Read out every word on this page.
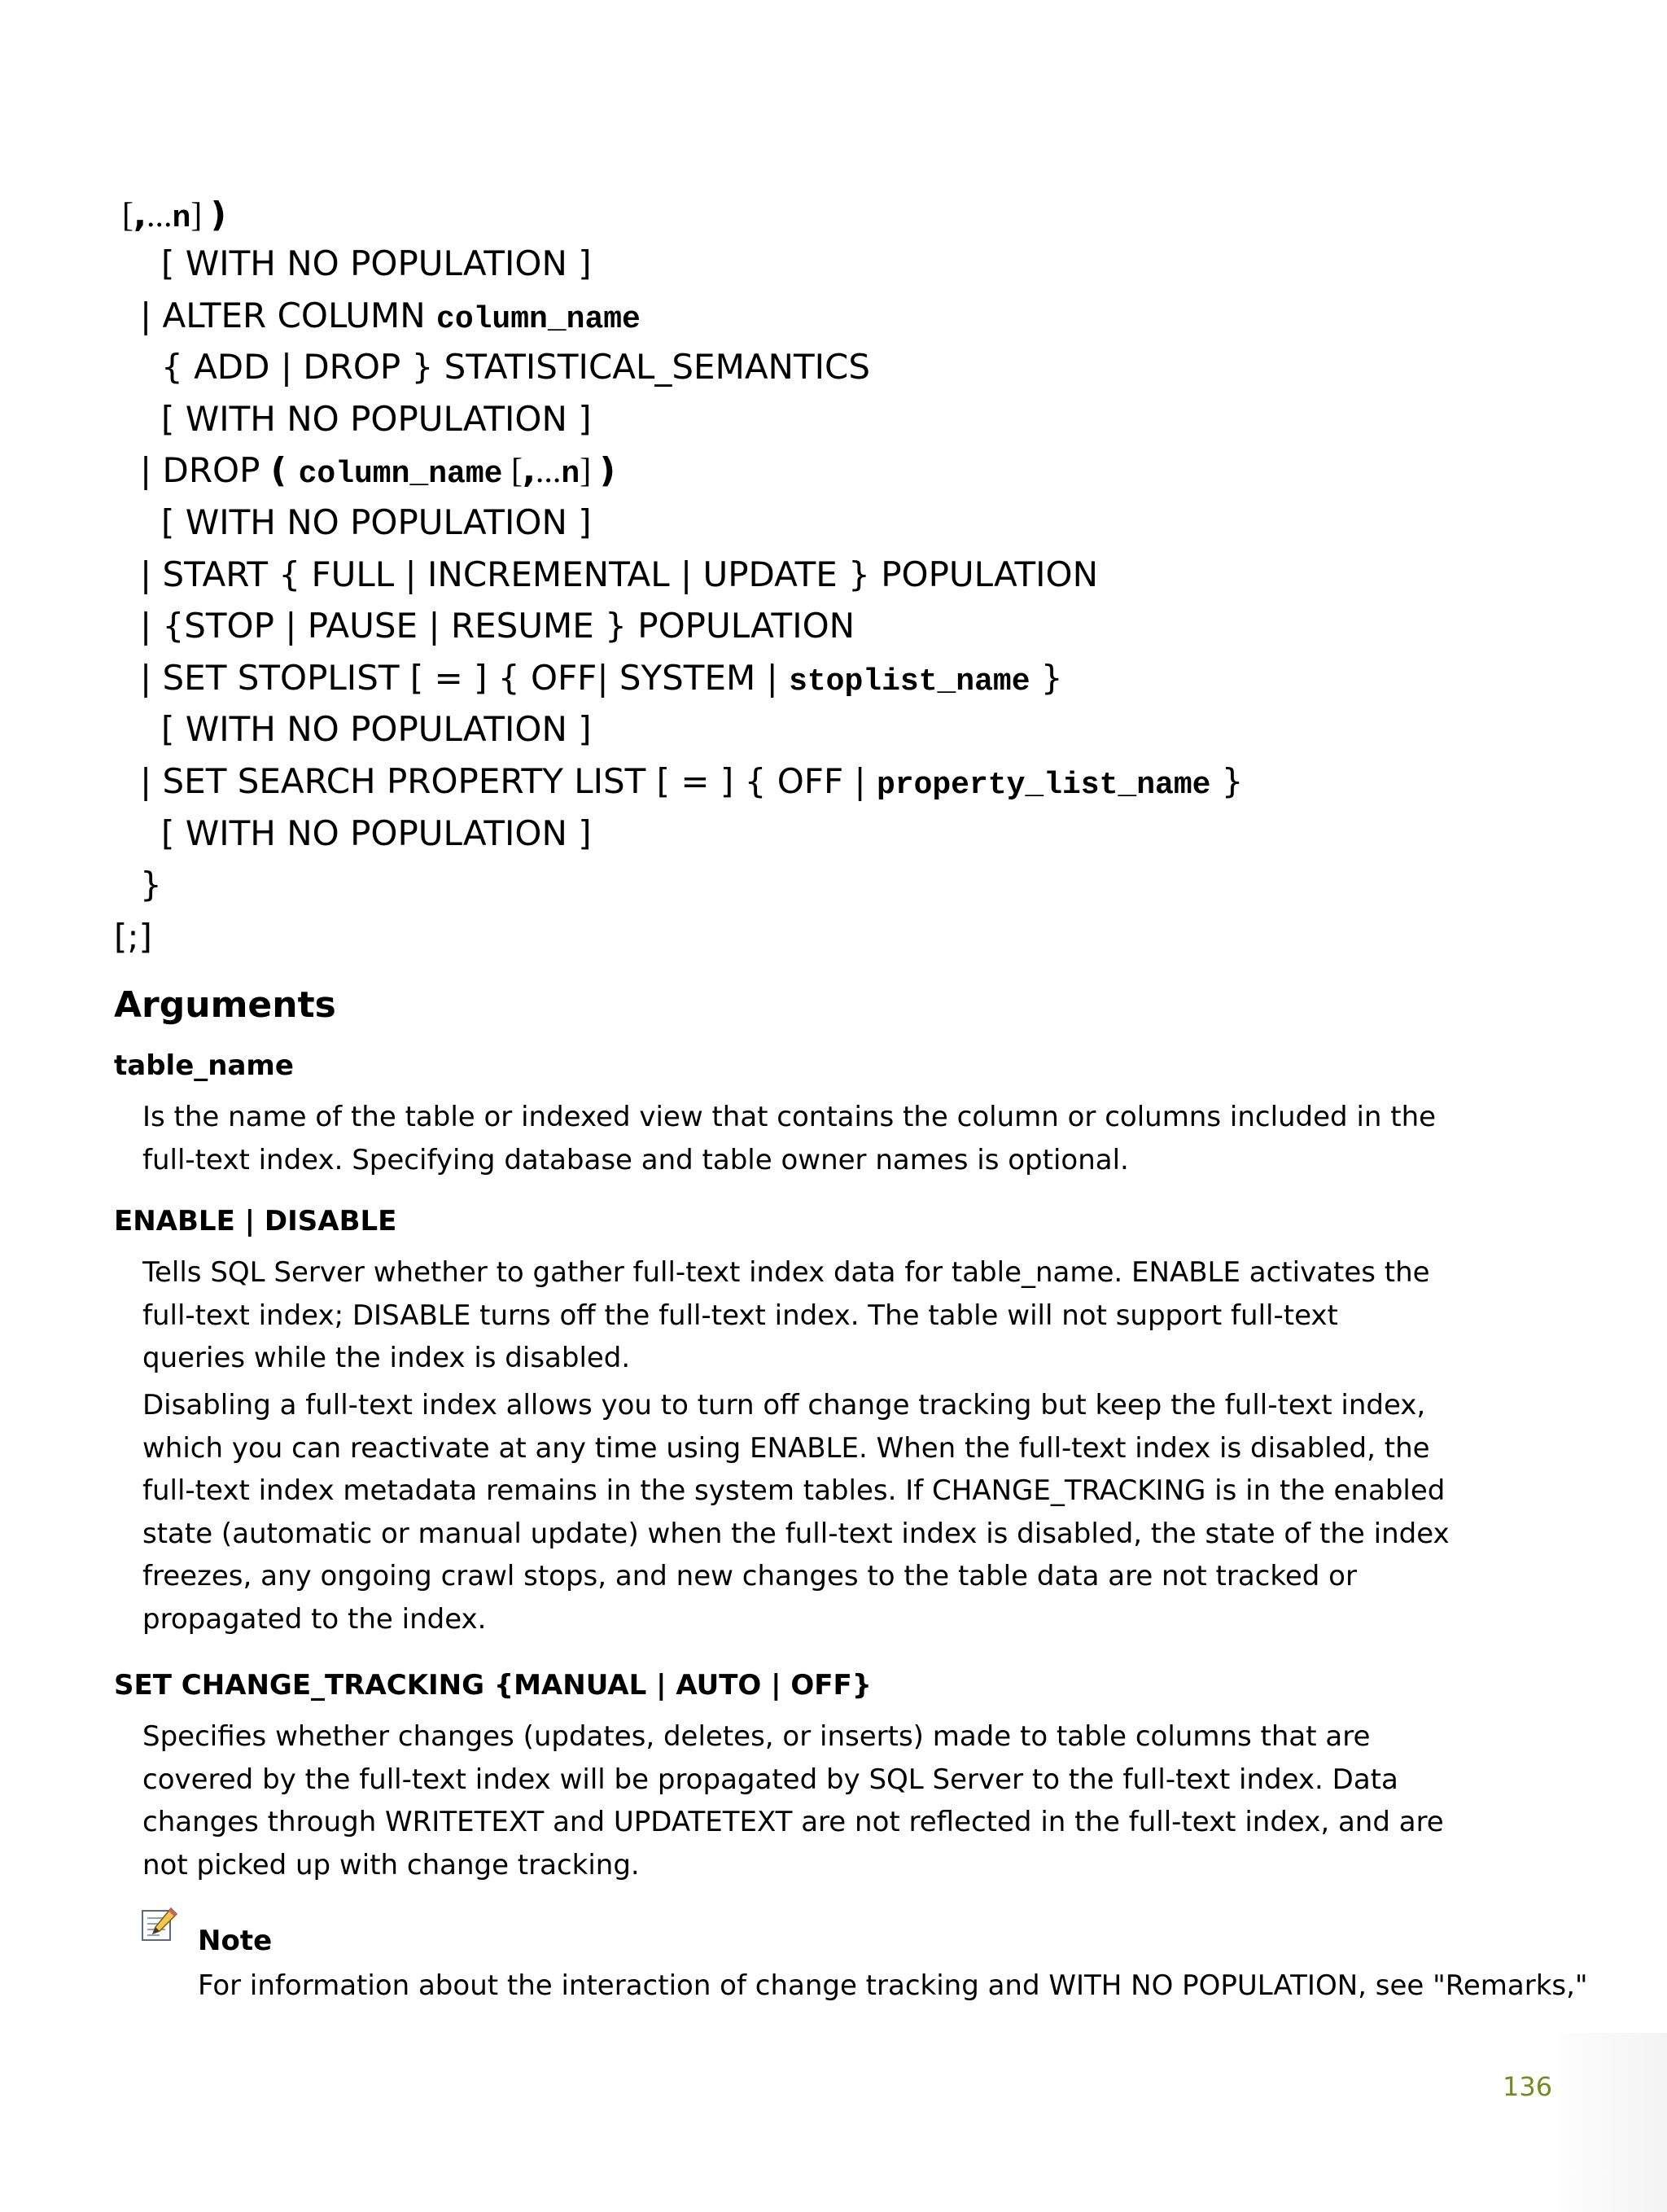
[,...n] )
[ WITH NO POPULATION ]
| ALTER COLUMN column_name
{ ADD | DROP } STATISTICAL_SEMANTICS
[ WITH NO POPULATION ]
| DROP ( column_name [,...n] )
[ WITH NO POPULATION ]
| START { FULL | INCREMENTAL | UPDATE } POPULATION
| {STOP | PAUSE | RESUME } POPULATION
| SET STOPLIST [ = ] { OFF| SYSTEM | stoplist_name }
[ WITH NO POPULATION ]
| SET SEARCH PROPERTY LIST [ = ] { OFF | property_list_name }
[ WITH NO POPULATION ]
}
[;]
Arguments
table_name
Is the name of the table or indexed view that contains the column or columns included in the
full-text index. Specifying database and table owner names is optional.
ENABLE | DISABLE
Tells SQL Server whether to gather full-text index data for table_name. ENABLE activates the
full-text index; DISABLE turns off the full-text index. The table will not support full-text
queries while the index is disabled.
Disabling a full-text index allows you to turn off change tracking but keep the full-text index,
which you can reactivate at any time using ENABLE. When the full-text index is disabled, the
full-text index metadata remains in the system tables. If CHANGE_TRACKING is in the enabled
state (automatic or manual update) when the full-text index is disabled, the state of the index
freezes, any ongoing crawl stops, and new changes to the table data are not tracked or
propagated to the index.
SET CHANGE_TRACKING {MANUAL | AUTO | OFF}
Specifies whether changes (updates, deletes, or inserts) made to table columns that are
covered by the full-text index will be propagated by SQL Server to the full-text index. Data
changes through WRITETEXT and UPDATETEXT are not reflected in the full-text index, and are
not picked up with change tracking.
Note
For information about the interaction of change tracking and WITH NO POPULATION, see "Remarks,"
136
